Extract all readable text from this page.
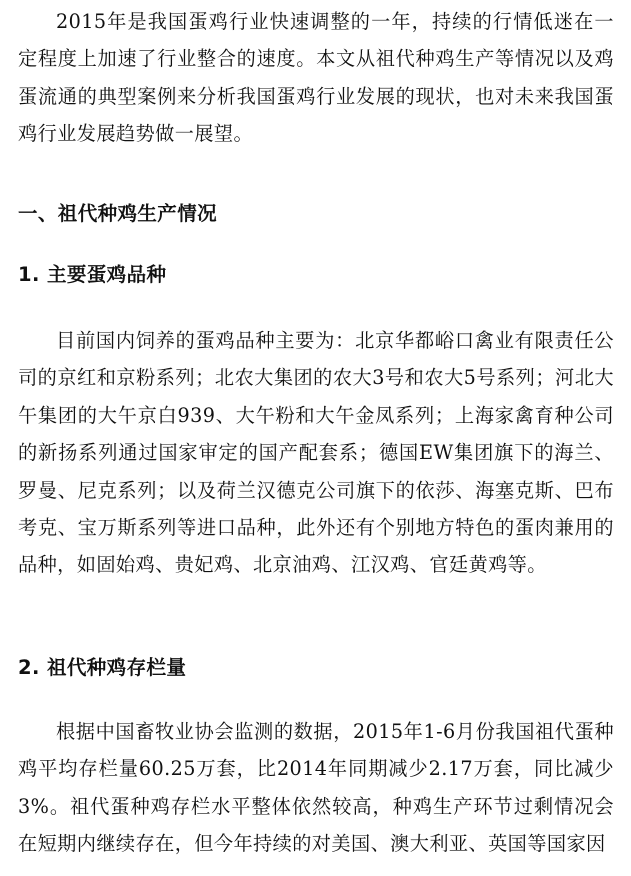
2015年是我国蛋鸡行业快速调整的一年，持续的行情低迷在一定程度上加速了行业整合的速度。本文从祖代种鸡生产等情况以及鸡蛋流通的典型案例来分析我国蛋鸡行业发展的现状，也对未来我国蛋鸡行业发展趋势做一展望。

一、祖代种鸡生产情况
1. 主要蛋鸡品种

目前国内饲养的蛋鸡品种主要为：北京华都峪口禽业有限责任公司的京红和京粉系列；北农大集团的农大3号和农大5号系列；河北大午集团的大午京白939、大午粉和大午金凤系列；上海家禽育种公司的新扬系列通过国家审定的国产配套系；德国EW集团旗下的海兰、罗曼、尼克系列；以及荷兰汉德克公司旗下的依莎、海塞克斯、巴布考克、宝万斯系列等进口品种，此外还有个别地方特色的蛋肉兼用的品种，如固始鸡、贵妃鸡、北京油鸡、江汉鸡、官廷黄鸡等。

2. 祖代种鸡存栏量

根据中国畜牧业协会监测的数据，2015年1-6月份我国祖代蛋种鸡平均存栏量60.25万套，比2014年同期减少2.17万套，同比减少3%。祖代蛋种鸡存栏水平整体依然较高，种鸡生产环节过剩情况会在短期内继续存在，但今年持续的对美国、澳大利亚、英国等国家因
